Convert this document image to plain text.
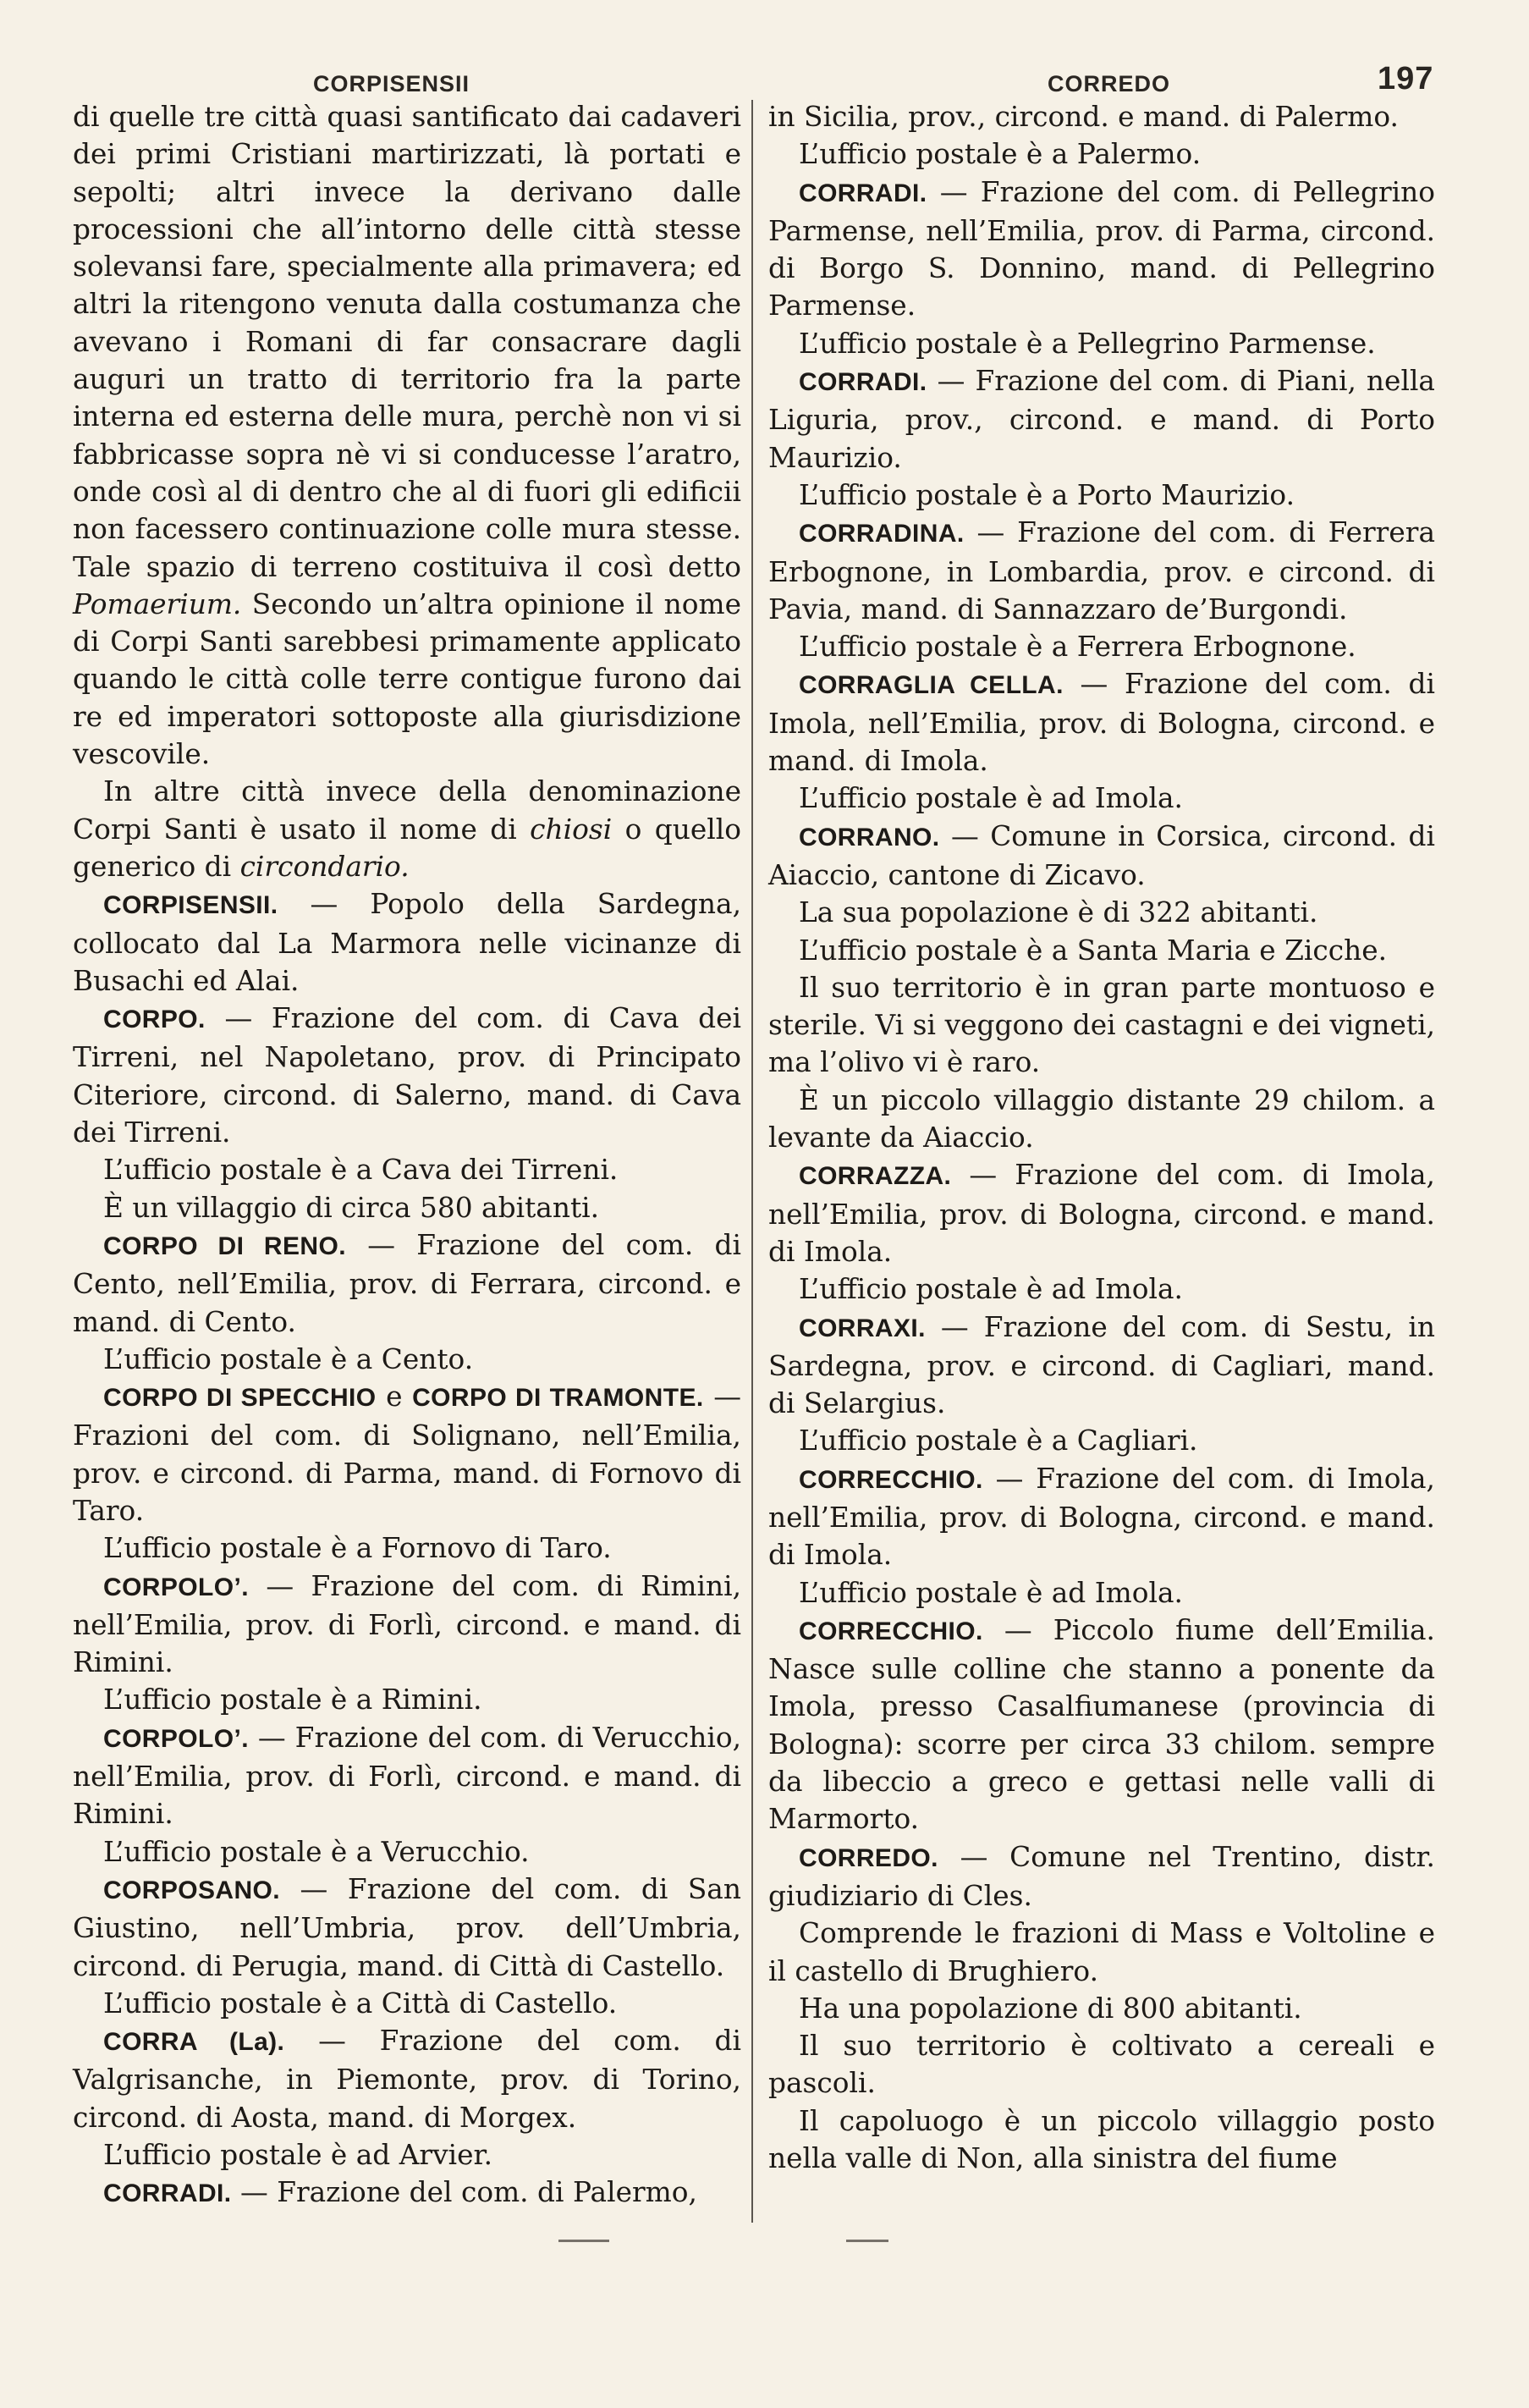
CORPISENSII	CORREDO	197

di quelle tre città quasi santificato dai cadaveri dei primi Cristiani martirizzati, là portati e sepolti; altri invece la derivano dalle processioni che all’intorno delle città stesse solevansi fare, specialmente alla primavera; ed altri la ritengono venuta dalla costumanza che avevano i Romani di far consacrare dagli auguri un tratto di territorio fra la parte interna ed esterna delle mura, perchè non vi si fabbricasse sopra nè vi si conducesse l’aratro, onde così al di dentro che al di fuori gli edificii non facessero continuazione colle mura stesse. Tale spazio di terreno costituiva il così detto Pomaerium. Secondo un’altra opinione il nome di Corpi Santi sarebbesi primamente applicato quando le città colle terre contigue furono dai re ed imperatori sottoposte alla giurisdizione vescovile.

In altre città invece della denominazione Corpi Santi è usato il nome di chiosi o quello generico di circondario.

CORPISENSII. — Popolo della Sardegna, collocato dal La Marmora nelle vicinanze di Busachi ed Alai.

CORPO. — Frazione del com. di Cava dei Tirreni, nel Napoletano, prov. di Principato Citeriore, circond. di Salerno, mand. di Cava dei Tirreni.

L’ufficio postale è a Cava dei Tirreni.

È un villaggio di circa 580 abitanti.

CORPO DI RENO. — Frazione del com. di Cento, nell’Emilia, prov. di Ferrara, circond. e mand. di Cento.

L’ufficio postale è a Cento.

CORPO DI SPECCHIO e CORPO DI TRAMONTE. — Frazioni del com. di Solignano, nell’Emilia, prov. e circond. di Parma, mand. di Fornovo di Taro.

L’ufficio postale è a Fornovo di Taro.

CORPOLO’. — Frazione del com. di Rimini, nell’Emilia, prov. di Forlì, circond. e mand. di Rimini.

L’ufficio postale è a Rimini.

CORPOLO’. — Frazione del com. di Verucchio, nell’Emilia, prov. di Forlì, circond. e mand. di Rimini.

L’ufficio postale è a Verucchio.

CORPOSANO. — Frazione del com. di San Giustino, nell’Umbria, prov. dell’Umbria, circond. di Perugia, mand. di Città di Castello.

L’ufficio postale è a Città di Castello.

CORRA (La). — Frazione del com. di Valgrisanche, in Piemonte, prov. di Torino, circond. di Aosta, mand. di Morgex.

L’ufficio postale è ad Arvier.

CORRADI. — Frazione del com. di Palermo,

in Sicilia, prov., circond. e mand. di Palermo.

L’ufficio postale è a Palermo.

CORRADI. — Frazione del com. di Pellegrino Parmense, nell’Emilia, prov. di Parma, circond. di Borgo S. Donnino, mand. di Pellegrino Parmense.

L’ufficio postale è a Pellegrino Parmense.

CORRADI. — Frazione del com. di Piani, nella Liguria, prov., circond. e mand. di Porto Maurizio.

L’ufficio postale è a Porto Maurizio.

CORRADINA. — Frazione del com. di Ferrera Erbognone, in Lombardia, prov. e circond. di Pavia, mand. di Sannazzaro de’Burgondi.

L’ufficio postale è a Ferrera Erbognone.

CORRAGLIA CELLA. — Frazione del com. di Imola, nell’Emilia, prov. di Bologna, circond. e mand. di Imola.

L’ufficio postale è ad Imola.

CORRANO. — Comune in Corsica, circond. di Aiaccio, cantone di Zicavo.

La sua popolazione è di 322 abitanti.

L’ufficio postale è a Santa Maria e Zicche.

Il suo territorio è in gran parte montuoso e sterile. Vi si veggono dei castagni e dei vigneti, ma l’olivo vi è raro.

È un piccolo villaggio distante 29 chilom. a levante da Aiaccio.

CORRAZZA. — Frazione del com. di Imola, nell’Emilia, prov. di Bologna, circond. e mand. di Imola.

L’ufficio postale è ad Imola.

CORRAXI. — Frazione del com. di Sestu, in Sardegna, prov. e circond. di Cagliari, mand. di Selargius.

L’ufficio postale è a Cagliari.

CORRECCHIO. — Frazione del com. di Imola, nell’Emilia, prov. di Bologna, circond. e mand. di Imola.

L’ufficio postale è ad Imola.

CORRECCHIO. — Piccolo fiume dell’Emilia. Nasce sulle colline che stanno a ponente da Imola, presso Casalfiumanese (provincia di Bologna): scorre per circa 33 chilom. sempre da libeccio a greco e gettasi nelle valli di Marmorto.

CORREDO. — Comune nel Trentino, distr. giudiziario di Cles.

Comprende le frazioni di Mass e Voltoline e il castello di Brughiero.

Ha una popolazione di 800 abitanti.

Il suo territorio è coltivato a cereali e pascoli.

Il capoluogo è un piccolo villaggio posto nella valle di Non, alla sinistra del fiume
